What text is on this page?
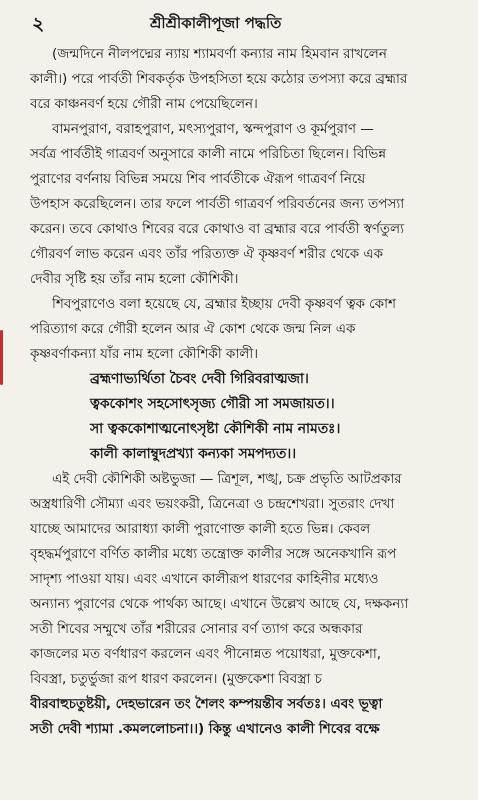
২	শ্রীশ্রীকালীপূজা পদ্ধতি
(জন্মদিনে নীলপদ্মের ন্যায় শ্যামবর্ণা কন্যার নাম হিমবান রাখলেন
কালী।) পরে পার্বতী শিবকর্তৃক উপহসিতা হয়ে কঠোর তপস্যা করে ব্রহ্মার
বরে কাঞ্চনবর্ণ হয়ে গৌরী নাম পেয়েছিলেন।
বামনপুরাণ, বরাহপুরাণ, মৎস্যপুরাণ, স্কন্দপুরাণ ও কূর্মপুরাণ —
সর্বত্র পার্বতীই গাত্রবর্ণ অনুসারে কালী নামে পরিচিতা ছিলেন। বিভিন্ন
পুরাণের বর্ণনায় বিভিন্ন সময়ে শিব পার্বতীকে ঐরূপ গাত্রবর্ণ নিয়ে
উপহাস করেছিলেন। তার ফলে পার্বতী গাত্রবর্ণ পরিবর্তনের জন্য তপস্যা
করেন। তবে কোথাও শিবের বরে কোথাও বা ব্রহ্মার বরে পার্বতী স্বর্ণতুল্য
গৌরবর্ণ লাভ করেন এবং তাঁর পরিত্যক্ত ঐ কৃষ্ণবর্ণ শরীর থেকে এক
দেবীর সৃষ্টি হয় তাঁর নাম হলো কৌশিকী।
শিবপুরাণেও বলা হয়েছে যে, ব্রহ্মার ইচ্ছায় দেবী কৃষ্ণবর্ণ ত্বক কোশ
পরিত্যাগ করে গৌরী হলেন আর ঐ কোশ থেকে জন্ম নিল এক
কৃষ্ণবর্ণাকন্যা যাঁর নাম হলো কৌশিকী কালী।
ব্রহ্মণাভ্যর্থিতা চৈবং দেবী গিরিবরাত্মজা।
ত্বককোশং সহসোৎসৃজ্য গৌরী সা সমজায়ত।।
সা ত্বককোশাত্মনোৎসৃষ্টা কৌশিকী নাম নামতঃ।
কালী কালাম্বুদপ্রখ্যা কন্যকা সমপদ্যত।।
এই দেবী কৌশিকী অষ্টভুজা — ত্রিশূল, শঙ্খ, চক্র প্রভৃতি আটপ্রকার
অস্ত্রধারিণী সৌম্যা এবং ভয়ংকরী, ত্রিনেত্রা ও চন্দ্রশেখরা। সুতরাং দেখা
যাচ্ছে আমাদের আরাধ্যা কালী পুরাণোক্ত কালী হতে ভিন্ন। কেবল
বৃহদ্ধর্মপুরাণে বর্ণিত কালীর মধ্যে তন্ত্রোক্ত কালীর সঙ্গে অনেকখানি রূপ
সাদৃশ্য পাওয়া যায়। এবং এখানে কালীরূপ ধারণের কাহিনীর মধ্যেও
অন্যান্য পুরাণের থেকে পার্থক্য আছে। এখানে উল্লেখ আছে যে, দক্ষকন্যা
সতী শিবের সম্মুখে তাঁর শরীরের সোনার বর্ণ ত্যাগ করে অন্ধকার
কাজলের মত বর্ণধারণ করলেন এবং পীনোন্নত পয়োধরা, মুক্তকেশা,
বিবস্ত্রা, চতুর্ভুজা রূপ ধারণ করলেন। (মুক্তকেশা বিবস্ত্রা চ
বীরবাহুচতুষ্টয়ী, দেহভারেন তং শৈলং কম্পয়ন্তীব সর্বতঃ। এবং ভূত্বা
সতী দেবী শ্যামা .কমললোচনা।।) কিন্তু এখানেও কালী শিবের বক্ষে
